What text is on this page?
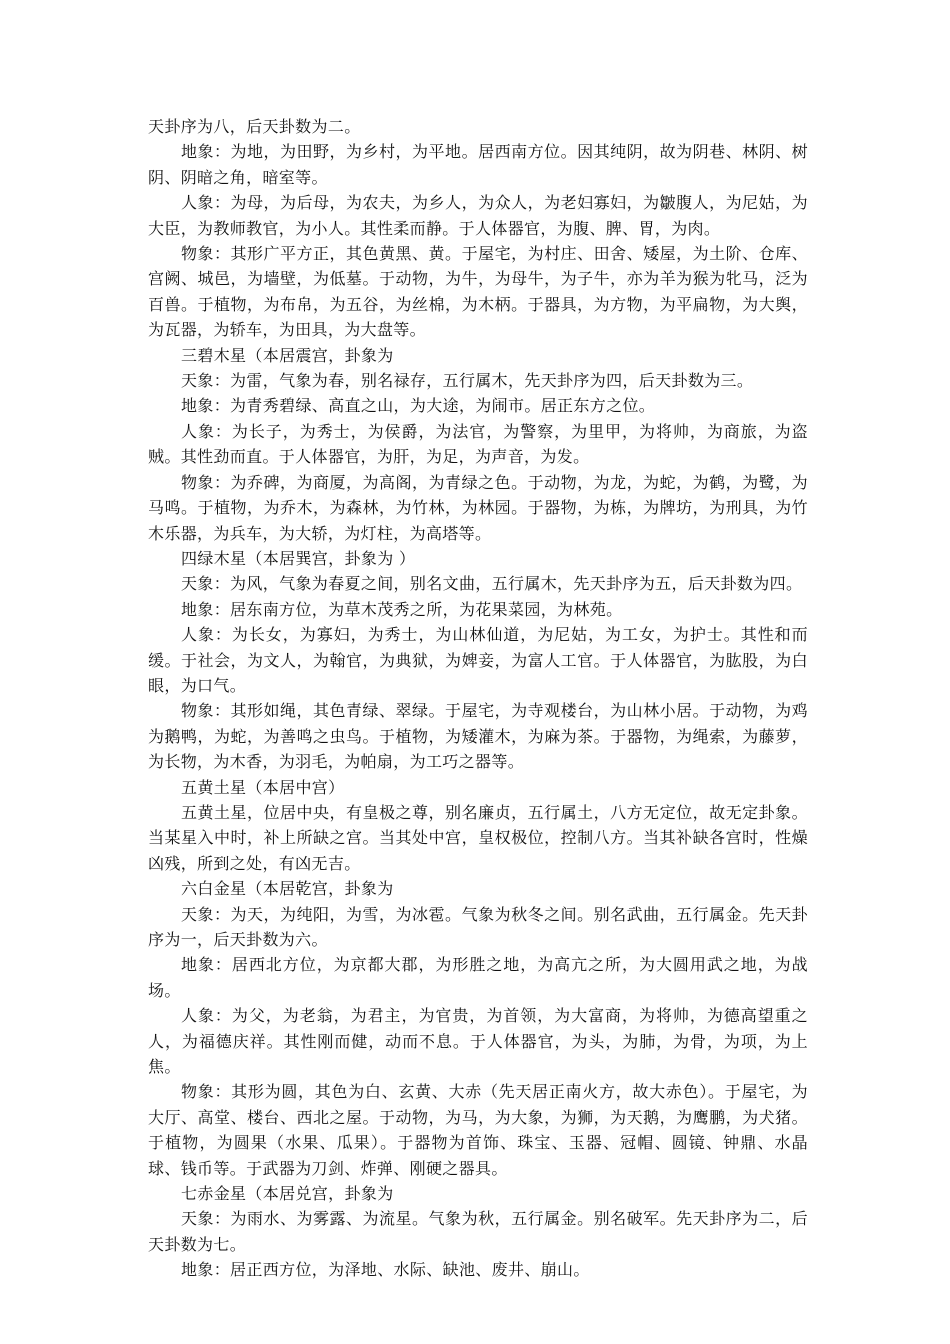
天卦序为八，后天卦数为二。

地象：为地，为田野，为乡村，为平地。居西南方位。因其纯阴，故为阴巷、林阴、树阴、阴暗之角，暗室等。

人象：为母，为后母，为农夫，为乡人，为众人，为老妇寡妇，为皺腹人，为尼姑，为大臣，为教师教官，为小人。其性柔而静。于人体器官，为腹、脾、胃，为肉。

物象：其形广平方正，其色黄黑、黄。于屋宅，为村庄、田舍、矮屋，为土阶、仓库、宫阙、城邑，为墙壁，为低墓。于动物，为牛，为母牛，为子牛，亦为羊为猴为牝马，泛为百兽。于植物，为布帛，为五谷，为丝棉，为木柄。于器具，为方物，为平扁物，为大舆，为瓦器，为轿车，为田具，为大盘等。

三碧木星（本居震宫，卦象为

天象：为雷，气象为春，别名禄存，五行属木，先天卦序为四，后天卦数为三。

地象：为青秀碧绿、高直之山，为大途，为闹市。居正东方之位。

人象：为长子，为秀士，为侯爵，为法官，为警察，为里甲，为将帅，为商旅，为盗贼。其性劲而直。于人体器官，为肝，为足，为声音，为发。

物象：为乔碑，为商厦，为高阁，为青绿之色。于动物，为龙，为蛇，为鹤，为鹭，为马鸣。于植物，为乔木，为森林，为竹林，为林园。于器物，为栋，为牌坊，为刑具，为竹木乐器，为兵车，为大轿，为灯柱，为高塔等。

四绿木星（本居巽宫，卦象为 ）

天象：为风，气象为春夏之间，别名文曲，五行属木，先天卦序为五，后天卦数为四。

地象：居东南方位，为草木茂秀之所，为花果菜园，为林苑。

人象：为长女，为寡妇，为秀士，为山林仙道，为尼姑，为工女，为护士。其性和而缓。于社会，为文人，为翰官，为典狱，为婢妾，为富人工官。于人体器官，为肱股，为白眼，为口气。

物象：其形如绳，其色青绿、翠绿。于屋宅，为寺观楼台，为山林小居。于动物，为鸡为鹅鸭，为蛇，为善鸣之虫鸟。于植物，为矮灌木，为麻为茶。于器物，为绳索，为藤萝，为长物，为木香，为羽毛，为帕扇，为工巧之器等。

五黄土星（本居中宫）

五黄土星，位居中央，有皇极之尊，别名廉贞，五行属土，八方无定位，故无定卦象。当某星入中时，补上所缺之宫。当其处中宫，皇权极位，控制八方。当其补缺各宫时，性燥凶残，所到之处，有凶无吉。

六白金星（本居乾宫，卦象为

天象：为天，为纯阳，为雪，为冰雹。气象为秋冬之间。别名武曲，五行属金。先天卦序为一，后天卦数为六。

地象：居西北方位，为京都大郡，为形胜之地，为高亢之所，为大圆用武之地，为战场。

人象：为父，为老翁，为君主，为官贵，为首领，为大富商，为将帅，为德高望重之人，为福德庆祥。其性刚而健，动而不息。于人体器官，为头，为肺，为骨，为项，为上焦。

物象：其形为圆，其色为白、玄黄、大赤（先天居正南火方，故大赤色）。于屋宅，为大厅、高堂、楼台、西北之屋。于动物，为马，为大象，为狮，为天鹅，为鹰鹏，为犬猪。于植物，为圆果（水果、瓜果）。于器物为首饰、珠宝、玉器、冠帽、圆镜、钟鼎、水晶球、钱币等。于武器为刀剑、炸弹、刚硬之器具。

七赤金星（本居兑宫，卦象为

天象：为雨水、为雾露、为流星。气象为秋，五行属金。别名破军。先天卦序为二，后天卦数为七。

地象：居正西方位，为泽地、水际、缺池、废井、崩山。
